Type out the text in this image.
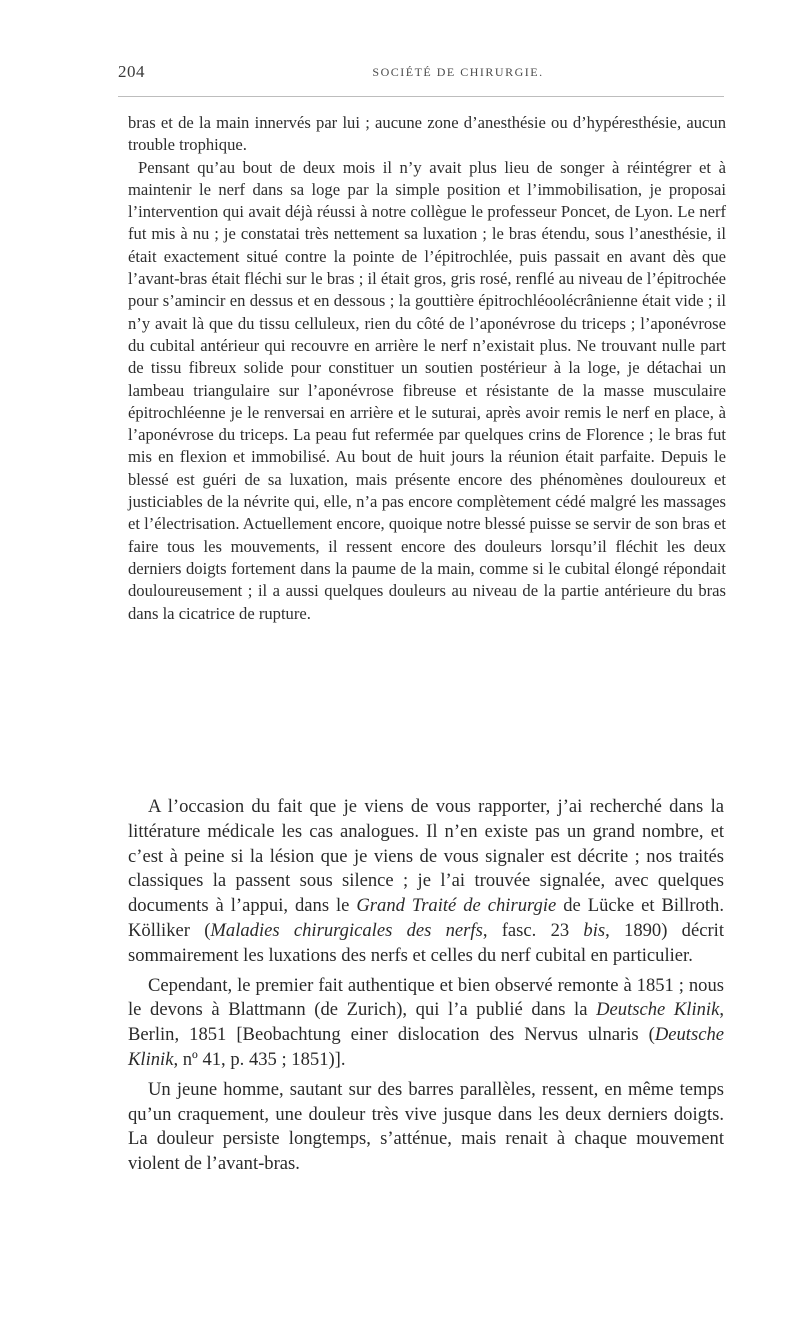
204	SOCIÉTÉ DE CHIRURGIE.

bras et de la main innervés par lui ; aucune zone d’anesthésie ou d’hypéresthésie, aucun trouble trophique.

Pensant qu’au bout de deux mois il n’y avait plus lieu de songer à réintégrer et à maintenir le nerf dans sa loge par la simple position et l’immobilisation, je proposai l’intervention qui avait déjà réussi à notre collègue le professeur Poncet, de Lyon. Le nerf fut mis à nu ; je constatai très nettement sa luxation ; le bras étendu, sous l’anesthésie, il était exactement situé contre la pointe de l’épitrochlée, puis passait en avant dès que l’avant-bras était fléchi sur le bras ; il était gros, gris rosé, renflé au niveau de l’épitrochée pour s’amincir en dessus et en dessous ; la gouttière épitrochléoolécrânienne était vide ; il n’y avait là que du tissu celluleux, rien du côté de l’aponévrose du triceps ; l’aponévrose du cubital antérieur qui recouvre en arrière le nerf n’existait plus. Ne trouvant nulle part de tissu fibreux solide pour constituer un soutien postérieur à la loge, je détachai un lambeau triangulaire sur l’aponévrose fibreuse et résistante de la masse musculaire épitrochléenne je le renversai en arrière et le suturai, après avoir remis le nerf en place, à l’aponévrose du triceps. La peau fut refermée par quelques crins de Florence ; le bras fut mis en flexion et immobilisé. Au bout de huit jours la réunion était parfaite. Depuis le blessé est guéri de sa luxation, mais présente encore des phénomènes douloureux et justiciables de la névrite qui, elle, n’a pas encore complètement cédé malgré les massages et l’électrisation. Actuellement encore, quoique notre blessé puisse se servir de son bras et faire tous les mouvements, il ressent encore des douleurs lorsqu’il fléchit les deux derniers doigts fortement dans la paume de la main, comme si le cubital élongé répondait douloureusement ; il a aussi quelques douleurs au niveau de la partie antérieure du bras dans la cicatrice de rupture.

A l’occasion du fait que je viens de vous rapporter, j’ai recherché dans la littérature médicale les cas analogues. Il n’en existe pas un grand nombre, et c’est à peine si la lésion que je viens de vous signaler est décrite ; nos traités classiques la passent sous silence ; je l’ai trouvée signalée, avec quelques documents à l’appui, dans le Grand Traité de chirurgie de Lücke et Billroth. Kölliker (Maladies chirurgicales des nerfs, fasc. 23 bis, 1890) décrit sommairement les luxations des nerfs et celles du nerf cubital en particulier.

Cependant, le premier fait authentique et bien observé remonte à 1851 ; nous le devons à Blattmann (de Zurich), qui l’a publié dans la Deutsche Klinik, Berlin, 1851 [Beobachtung einer dislocation des Nervus ulnaris (Deutsche Klinik, nº 41, p. 435 ; 1851)].

Un jeune homme, sautant sur des barres parallèles, ressent, en même temps qu’un craquement, une douleur très vive jusque dans les deux derniers doigts. La douleur persiste longtemps, s’atténue, mais renait à chaque mouvement violent de l’avant-bras.
